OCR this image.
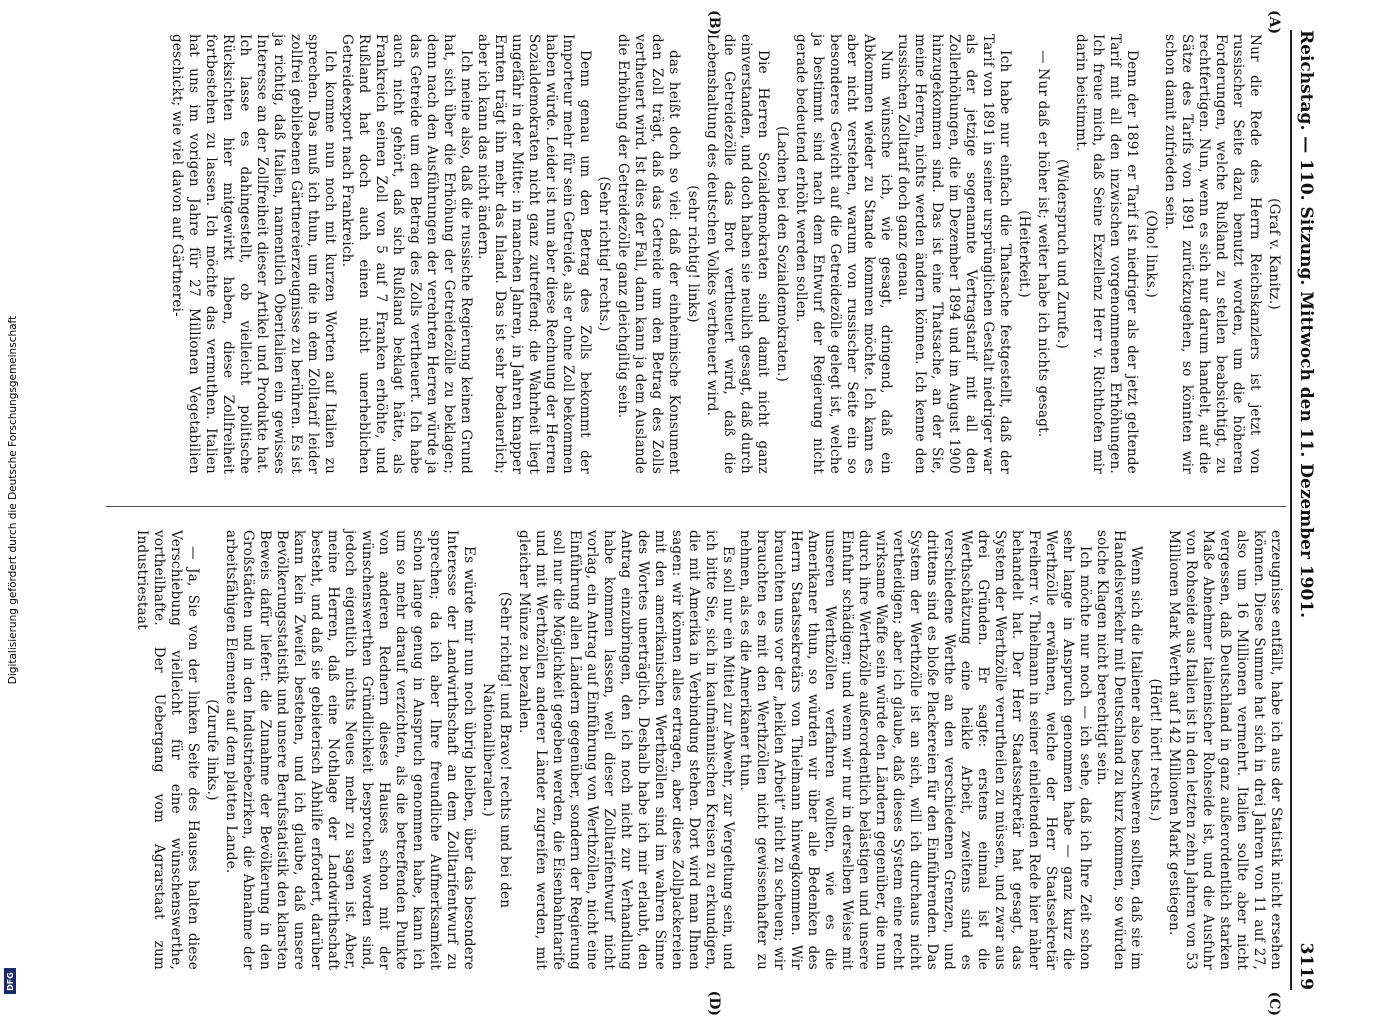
Digitalisierung gefördert durch die Deutsche Forschungsgemeinschaft
DFG
Reichstag. — 110. Sitzung. Mittwoch den 11. Dezember 1901.
3119
(A)
(B)
(C)
(D)

(Graf v. Kanitz.)

Nur die Rede des Herrn Reichskanzlers ist jetzt von russischer Seite dazu benutzt worden, um die höheren Forderungen, welche Rußland zu stellen beabsichtigt, zu rechtfertigen. Nun, wenn es sich nur darum handelt, auf die Sätze des Tarifs von 1891 zurückzugehen, so könnten wir schon damit zufrieden sein.

(Oho! links.)

Denn der 1891 er Tarif ist niedriger als der jetzt geltende Tarif mit all den inzwischen vorgenommenen Erhöhungen. Ich freue mich, daß Seine Exzellenz Herr v. Richthofen mir darin beistimmt.

(Widerspruch und Zurufe.)

— Nur daß er höher ist; weiter habe ich nichts gesagt.

(Heiterkeit.)

Ich habe nur einfach die Thatsache festgestellt, daß der Tarif von 1891 in seiner ursprünglichen Gestalt niedriger war als der jetzige sogenannte Vertragstarif mit all den Zollerhöhungen, die im Dezember 1894 und im August 1900 hinzugekommen sind. Das ist eine Thatsache, an der Sie, meine Herren, nichts werden ändern können. Ich kenne den russischen Zolltarif doch ganz genau.

Nun wünsche ich, wie gesagt, dringend, daß ein Abkommen wieder zu Stande kommen möchte. Ich kann es aber nicht verstehen, warum von russischer Seite ein so besonderes Gewicht auf die Getreidezölle gelegt ist, welche ja bestimmt sind nach dem Entwurf der Regierung nicht gerade bedeutend erhöht werden sollen.

(Lachen bei den Sozialdemokraten.)

Die Herren Sozialdemokraten sind damit nicht ganz einverstanden, und doch haben sie neulich gesagt, daß durch die Getreidezölle das Brot vertheuert wird, daß die Lebenshaltung des deutschen Volkes vertheuert wird.

(sehr richtig! links)

das heißt doch so viel: daß der einheimische Konsument den Zoll trägt, daß das Getreide um den Betrag des Zolls vertheuert wird. Ist dies der Fall, dann kann ja dem Auslande die Erhöhung der Getreidezölle ganz gleichgiltig sein.

(Sehr richtig! rechts.)

Denn genau um den Betrag des Zolls bekommt der Importeur mehr für sein Getreide, als er ohne Zoll bekommen haben würde. Leider ist nun aber diese Rechnung der Herren Sozialdemokraten nicht ganz zutreffend; die Wahrheit liegt ungefähr in der Mitte: in manchen Jahren, in Jahren knapper Ernten trägt ihn mehr das Inland. Das ist sehr bedauerlich; aber ich kann das nicht ändern.

Ich meine also, daß die russische Regierung keinen Grund hat, sich über die Erhöhung der Getreidezölle zu beklagen; denn nach den Ausführungen der verehrten Herren würde ja das Getreide um den Betrag des Zolls vertheuert. Ich habe auch nicht gehört, daß sich Rußland beklagt hätte, als Frankreich seinen Zoll von 5 auf 7 Franken erhöhte, und Rußland hat doch auch einen nicht unerheblichen Getreideexport nach Frankreich.

Ich komme nun noch mit kurzen Worten auf Italien zu sprechen. Das muß ich thun, um die in dem Zolltarif leider zollfrei gebliebenen Gärtnereierzeugnisse zu berühren. Es ist ja richtig, daß Italien, namentlich Oberitalien ein gewisses Interesse an der Zollfreiheit dieser Artikel und Produkte hat. Ich lasse es dahingestellt, ob vielleicht politische Rücksichten hier mitgewirkt haben, diese Zollfreiheit fortbestehen zu lassen. Ich möchte das vermuthen. Italien hat uns im vorigen Jahre für 27 Millionen Vegetabilien geschickt; wie viel davon auf Gärtnerei-

erzeugnisse entfällt, habe ich aus der Statistik nicht ersehen können. Diese Summe hat sich in drei Jahren von 11 auf 27, also um 16 Millionen vermehrt. Italien sollte aber nicht vergessen, daß Deutschland in ganz außerordentlich starken Maße Abnehmer italienischer Rohseide ist, und die Ausfuhr von Rohseide aus Italien ist in den letzten zehn Jahren von 53 Millionen Mark Werth auf 142 Millionen Mark gestiegen.

(Hört! hört! rechts.)

Wenn sich die Italiener also beschweren sollten, daß sie im Handelsverkehr mit Deutschland zu kurz kommen, so würden solche Klagen nicht berechtigt sein.

Ich möchte nur noch — ich sehe, daß ich Ihre Zeit schon sehr lange in Anspruch genommen habe — ganz kurz die Werthzölle erwähnen, welche der Herr Staatssekretär Freiherr v. Thielmann in seiner einleitenden Rede hier näher behandelt hat. Der Herr Staatssekretär hat gesagt, das System der Werthzölle verurtheilen zu müssen, und zwar aus drei Gründen. Er sagte: erstens einmal ist die Werthschätzung eine heikle Arbeit, zweitens sind es verschiedene Werthe an den verschiedenen Grenzen, und drittens sind es bloße Plackereien für den Einführenden. Das System der Werthzölle ist an sich, will ich durchaus nicht vertheidigen; aber ich glaube, daß dieses System eine recht wirksame Waffe sein würde den Ländern gegenüber, die nun durch ihre Werthzölle außerordentlich belästigen und unsere Einfuhr schädigen; und wenn wir nur in derselben Weise mit unseren Werthzöllen verfahren wollten, wie es die Amerikaner thun, so würden wir über alle Bedenken des Herrn Staatssekretärs von Thielmann hinwegkommen. Wir brauchten uns vor der „heiklen Arbeit“ nicht zu scheuen; wir brauchten es mit den Werthzöllen nicht gewissenhafter zu nehmen, als es die Amerikaner thun.

Es soll nur ein Mittel zur Abwehr, zur Vergeltung sein, und ich bitte Sie, sich in kaufmännischen Kreisen zu erkundigen, die mit Amerika in Verbindung stehen. Dort wird man Ihnen sagen: wir können alles ertragen, aber diese Zollplackereien mit den amerikanischen Werthzöllen sind im wahren Sinne des Wortes unerträglich. Deshalb habe ich mir erlaubt, den Antrag einzubringen, den ich noch nicht zur Verhandlung habe kommen lassen, weil dieser Zolltarifentwurf nicht vorlag, ein Antrag auf Einführung von Werthzöllen, nicht eine Einführung allen Ländern gegenüber, sondern der Regierung soll nur die Möglichkeit gegeben werden, die Eisenbahntarife und mit Werthzöllen anderer Länder zugreifen werden, mit gleicher Münze zu bezahlen.

(Sehr richtig! und Bravo! rechts und bei den Nationalliberalen.)

Es würde mir nun noch übrig bleiben, über das besondere Interesse der Landwirthschaft an dem Zolltarifentwurf zu sprechen; da ich aber Ihre freundliche Aufmerksamkeit schon lange genug in Anspruch genommen habe, kann ich um so mehr darauf verzichten, als die betreffenden Punkte von anderen Rednern dieses Hauses schon mit der wünschenswerthen Gründlichkeit besprochen worden sind, jedoch eigentlich nichts Neues mehr zu sagen ist. Aber, meine Herren, daß eine Nothlage der Landwirthschaft besteht, und daß sie gebieterisch Abhilfe erfordert, darüber kann kein Zweifel bestehen, und ich glaube, daß unsere Bevölkerungsstatistik und unsere Berufsstatistik den klarsten Beweis dafür liefert: die Zunahme der Bevölkerung in den Großstädten und in den Industriebezirken, die Abnahme der arbeitsfähigen Elemente auf dem platten Lande.

(Zurufe links.)

— Ja, Sie von der linken Seite des Hauses halten diese Verschiebung vielleicht für eine wünschenswerthe, vortheilhafte. Der Uebergang vom Agrarstaat zum Industriestaat
